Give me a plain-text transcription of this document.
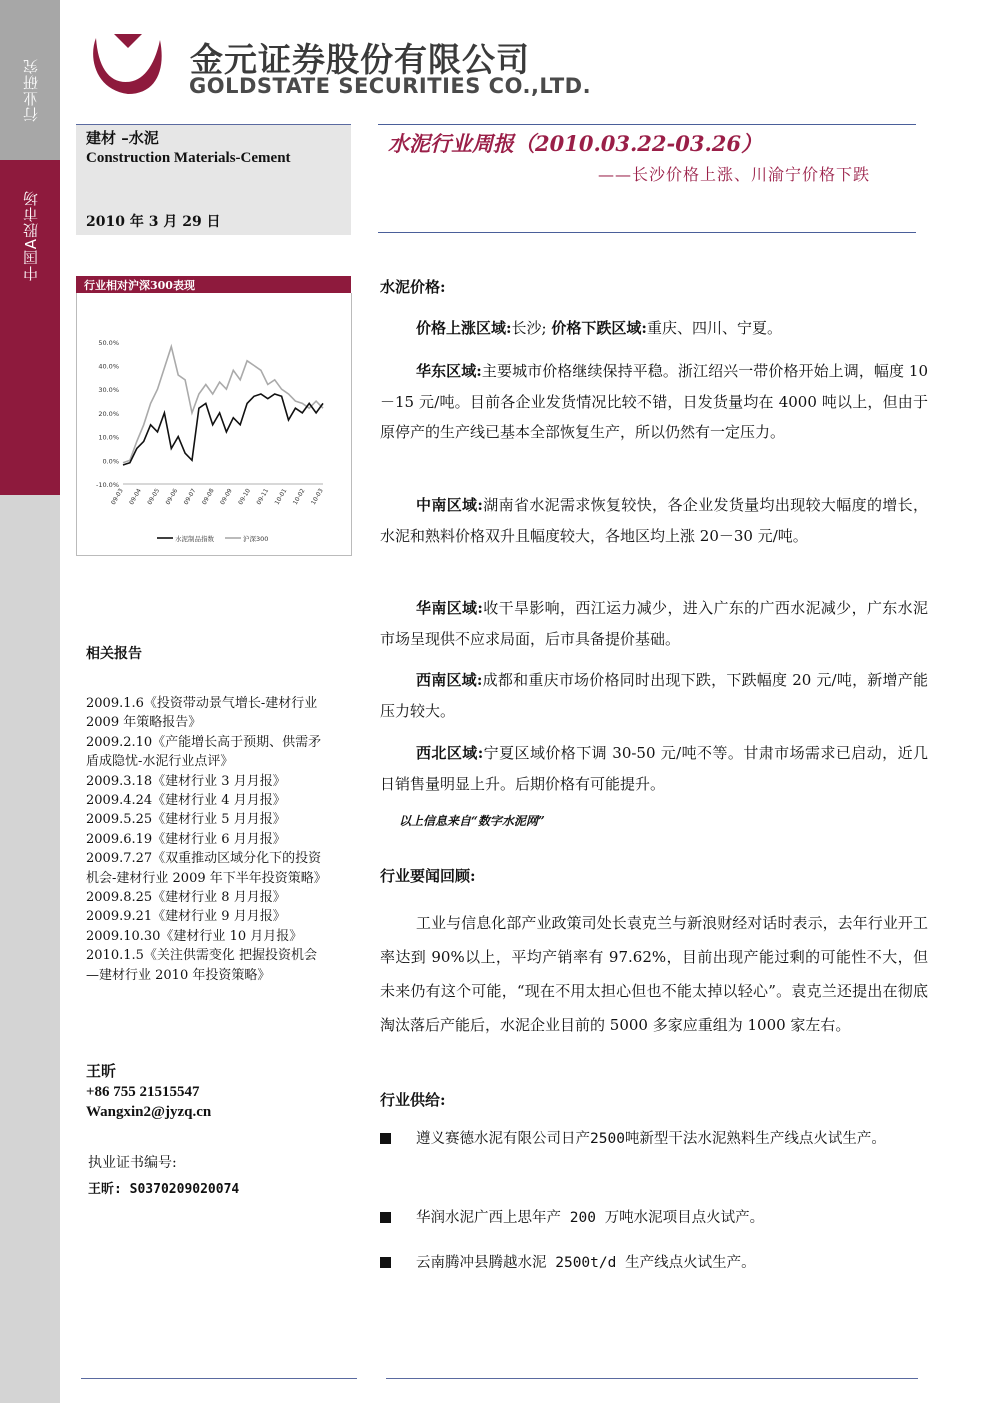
行业研究
中国A股市场
金元证券股份有限公司
GOLDSTATE SECURITIES CO.,LTD.
建材 –水泥
Construction Materials-Cement
2010 年 3 月 29 日
水泥行业周报（2010.03.22-03.26）
——长沙价格上涨、川渝宁价格下跌
行业相对沪深300表现
50.0%
40.0%
30.0%
20.0%
10.0%
0.0%
-10.0%
09-03 09-04 09-05 09-06 09-07 09-08 09-09 09-10 09-11 10-01 10-02 10-03
水泥制品指数	沪深300
相关报告
2009.1.6《投资带动景气增长-建材行业
2009 年策略报告》
2009.2.10《产能增长高于预期、供需矛
盾成隐忧-水泥行业点评》
2009.3.18《建材行业 3 月月报》
2009.4.24《建材行业 4 月月报》
2009.5.25《建材行业 5 月月报》
2009.6.19《建材行业 6 月月报》
2009.7.27《双重推动区域分化下的投资
机会-建材行业 2009 年下半年投资策略》
2009.8.25《建材行业 8 月月报》
2009.9.21《建材行业 9 月月报》
2009.10.30《建材行业 10 月月报》
2010.1.5《关注供需变化 把握投资机会
—建材行业 2010 年投资策略》
王昕
+86 755 21515547
Wangxin2@jyzq.cn
执业证书编号:
王昕: S0370209020074
水泥价格:
价格上涨区域:长沙; 价格下跌区域:重庆、四川、宁夏。
华东区域:主要城市价格继续保持平稳。浙江绍兴一带价格开始上调，幅度 10－15 元/吨。目前各企业发货情况比较不错，日发货量均在 4000 吨以上，但由于原停产的生产线已基本全部恢复生产，所以仍然有一定压力。
中南区域:湖南省水泥需求恢复较快，各企业发货量均出现较大幅度的增长，水泥和熟料价格双升且幅度较大，各地区均上涨 20－30 元/吨。
华南区域:收干旱影响，西江运力减少，进入广东的广西水泥减少，广东水泥市场呈现供不应求局面，后市具备提价基础。
西南区域:成都和重庆市场价格同时出现下跌，下跌幅度 20 元/吨，新增产能压力较大。
西北区域:宁夏区域价格下调 30-50 元/吨不等。甘肃市场需求已启动，近几日销售量明显上升。后期价格有可能提升。
以上信息来自“数字水泥网”
行业要闻回顾:
工业与信息化部产业政策司处长袁克兰与新浪财经对话时表示，去年行业开工率达到 90%以上，平均产销率有 97.62%，目前出现产能过剩的可能性不大，但未来仍有这个可能，“现在不用太担心但也不能太掉以轻心”。袁克兰还提出在彻底淘汰落后产能后，水泥企业目前的 5000 多家应重组为 1000 家左右。
行业供给:
遵义赛德水泥有限公司日产2500吨新型干法水泥熟料生产线点火试生产。
华润水泥广西上思年产 200 万吨水泥项目点火试产。
云南腾冲县腾越水泥 2500t/d 生产线点火试生产。
